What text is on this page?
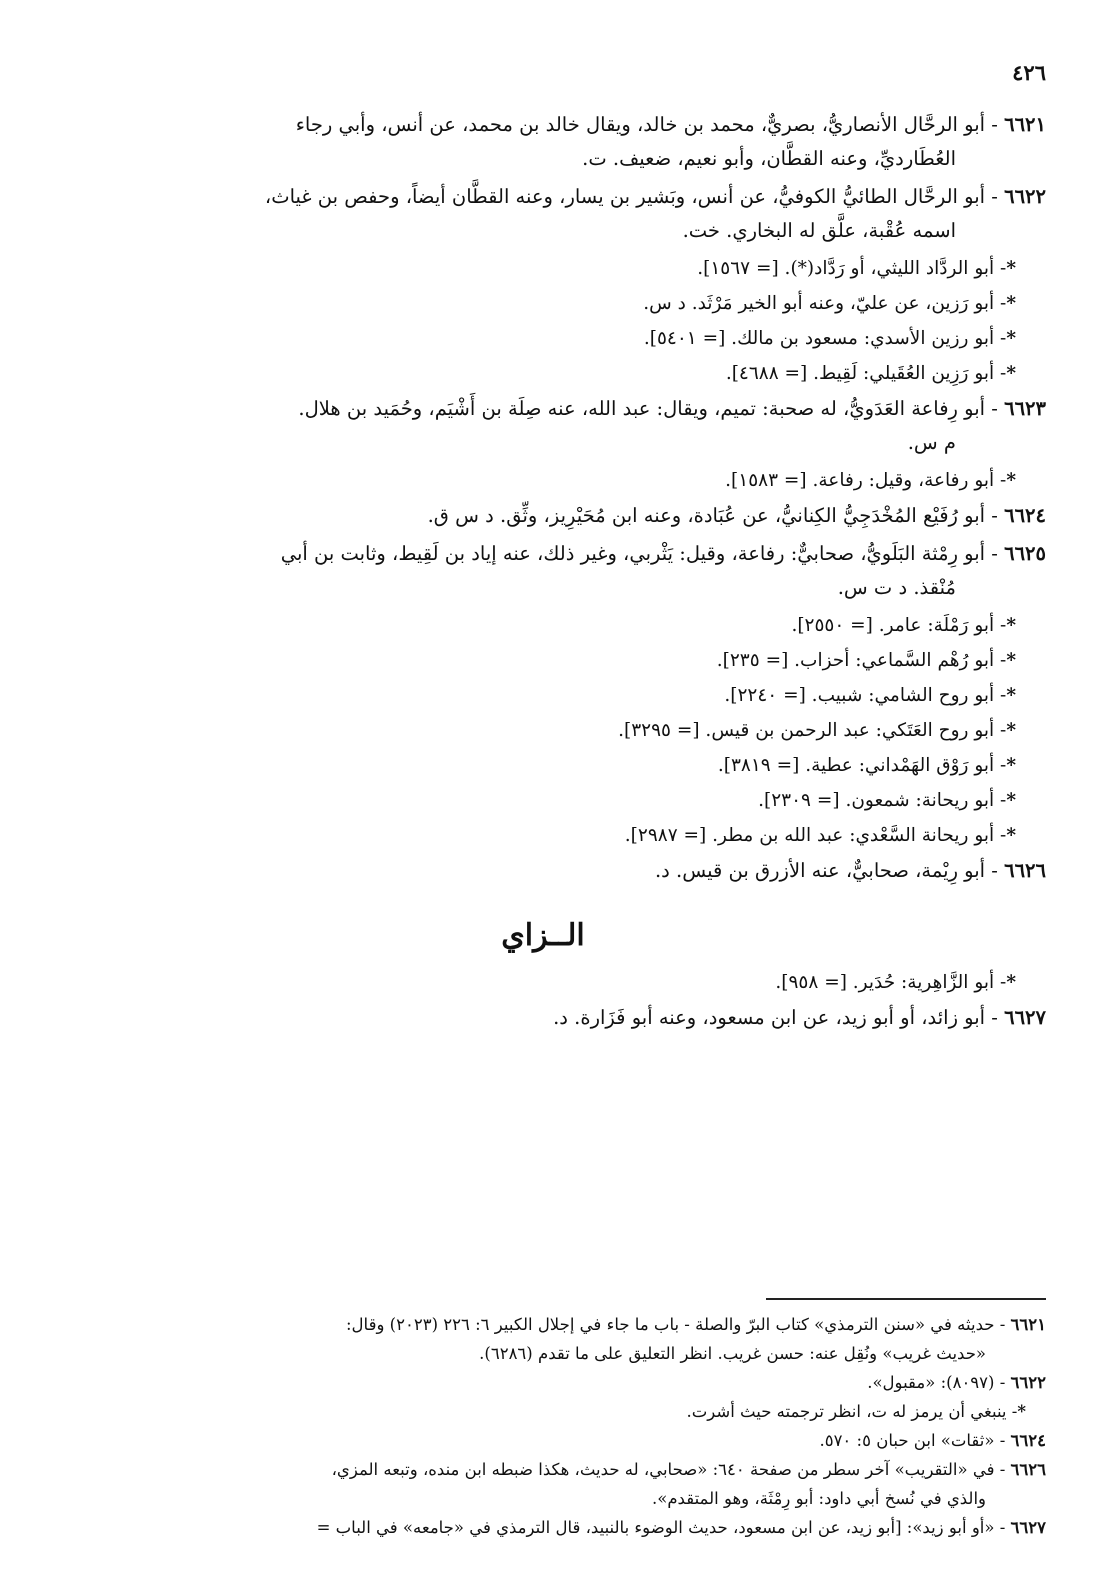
٤٢٦
٦٦٢١ - أبو الرحَّال الأنصاريُّ، بصريٌّ، محمد بن خالد، ويقال خالد بن محمد، عن أنس، وأبي رجاء
العُطَارديِّ، وعنه القطَّان، وأبو نعيم، ضعيف. ت.
٦٦٢٢ - أبو الرحَّال الطائيُّ الكوفيُّ، عن أنس، وبَشير بن يسار، وعنه القطَّان أيضاً، وحفص بن غياث،
اسمه عُقْبة، علَّق له البخاري. خت.
*- أبو الردَّاد الليثي، أو رَدَّاد(*). [= ١٥٦٧].
*- أبو رَزين، عن عليّ، وعنه أبو الخير مَرْثَد. د س.
*- أبو رزين الأسدي: مسعود بن مالك. [= ٥٤٠١].
*- أبو رَزِين العُقَيلي: لَقِيط. [= ٤٦٨٨].
٦٦٢٣ - أبو رِفاعة العَدَويُّ، له صحبة: تميم، ويقال: عبد الله، عنه صِلَة بن أَشْيَم، وحُمَيد بن هلال.
م س.
*- أبو رفاعة، وقيل: رفاعة. [= ١٥٨٣].
٦٦٢٤ - أبو رُفَيْع المُخْدَجِيُّ الكِنانيُّ، عن عُبَادة، وعنه ابن مُحَيْرِيز، وثِّق. د س ق.
٦٦٢٥ - أبو رِمْثة البَلَويُّ، صحابيٌّ: رفاعة، وقيل: يَثْربي، وغير ذلك، عنه إياد بن لَقِيط، وثابت بن أبي
مُنْقذ. د ت س.
*- أبو رَمْلَة: عامر. [= ٢٥٥٠].
*- أبو رُهْم السَّماعي: أحزاب. [= ٢٣٥].
*- أبو روح الشامي: شبيب. [= ٢٢٤٠].
*- أبو روح العَتَكي: عبد الرحمن بن قيس. [= ٣٢٩٥].
*- أبو رَوْق الهَمْداني: عطية. [= ٣٨١٩].
*- أبو ريحانة: شمعون. [= ٢٣٠٩].
*- أبو ريحانة السَّعْدي: عبد الله بن مطر. [= ٢٩٨٧].
٦٦٢٦ - أبو رِيْمة، صحابيٌّ، عنه الأزرق بن قيس. د.
الــزاي
*- أبو الزَّاهِرية: حُدَير. [= ٩٥٨].
٦٦٢٧ - أبو زائد، أو أبو زيد، عن ابن مسعود، وعنه أبو فَزَارة. د.
٦٦٢١ - حديثه في «سنن الترمذي» كتاب البرّ والصلة - باب ما جاء في إجلال الكبير ٦: ٢٢٦ (٢٠٢٣) وقال:
«حديث غريب» ونُقِل عنه: حسن غريب. انظر التعليق على ما تقدم (٦٢٨٦).
٦٦٢٢ - (٨٠٩٧): «مقبول».
*- ينبغي أن يرمز له ت، انظر ترجمته حيث أشرت.
٦٦٢٤ - «ثقات» ابن حبان ٥: ٥٧٠.
٦٦٢٦ - في «التقريب» آخر سطر من صفحة ٦٤٠: «صحابي، له حديث، هكذا ضبطه ابن منده، وتبعه المزي،
والذي في نُسخ أبي داود: أبو رِمْثَة، وهو المتقدم».
٦٦٢٧ - «أو أبو زيد»: [أبو زيد، عن ابن مسعود، حديث الوضوء بالنبيد، قال الترمذي في «جامعه» في الباب =
